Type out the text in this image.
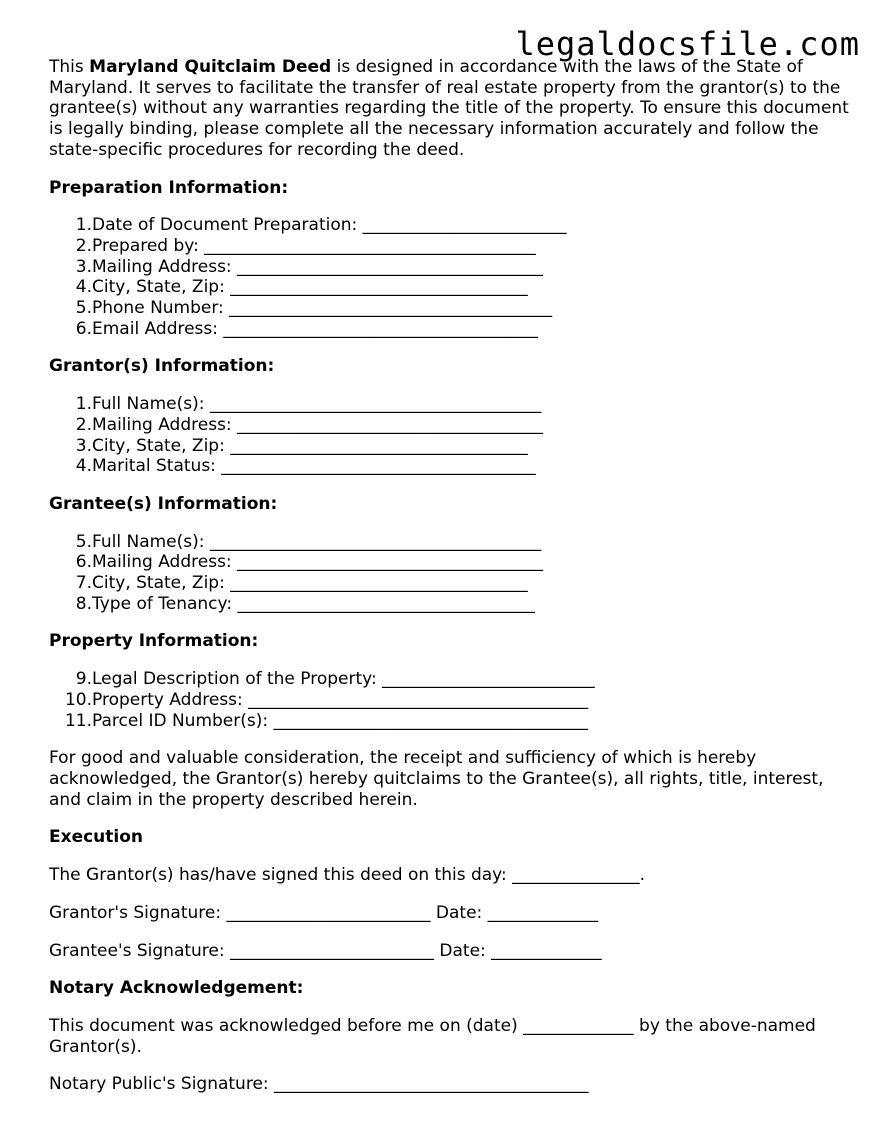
legaldocsfile.com

This Maryland Quitclaim Deed is designed in accordance with the laws of the State of Maryland. It serves to facilitate the transfer of real estate property from the grantor(s) to the grantee(s) without any warranties regarding the title of the property. To ensure this document is legally binding, please complete all the necessary information accurately and follow the state-specific procedures for recording the deed.

Preparation Information:

1. Date of Document Preparation: ________________________
2. Prepared by: _______________________________________
3. Mailing Address: ____________________________________
4. City, State, Zip: ___________________________________
5. Phone Number: ______________________________________
6. Email Address: _____________________________________

Grantor(s) Information:

1. Full Name(s): _______________________________________
2. Mailing Address: ____________________________________
3. City, State, Zip: ___________________________________
4. Marital Status: _____________________________________

Grantee(s) Information:

5. Full Name(s): _______________________________________
6. Mailing Address: ____________________________________
7. City, State, Zip: ___________________________________
8. Type of Tenancy: ___________________________________

Property Information:

9. Legal Description of the Property: _________________________
10. Property Address: ________________________________________
11. Parcel ID Number(s): _____________________________________

For good and valuable consideration, the receipt and sufficiency of which is hereby acknowledged, the Grantor(s) hereby quitclaims to the Grantee(s), all rights, title, interest, and claim in the property described herein.

Execution

The Grantor(s) has/have signed this deed on this day: _______________.

Grantor's Signature: ________________________ Date: _____________

Grantee's Signature: ________________________ Date: _____________

Notary Acknowledgement:

This document was acknowledged before me on (date) _____________ by the above-named Grantor(s).

Notary Public's Signature: _____________________________________
